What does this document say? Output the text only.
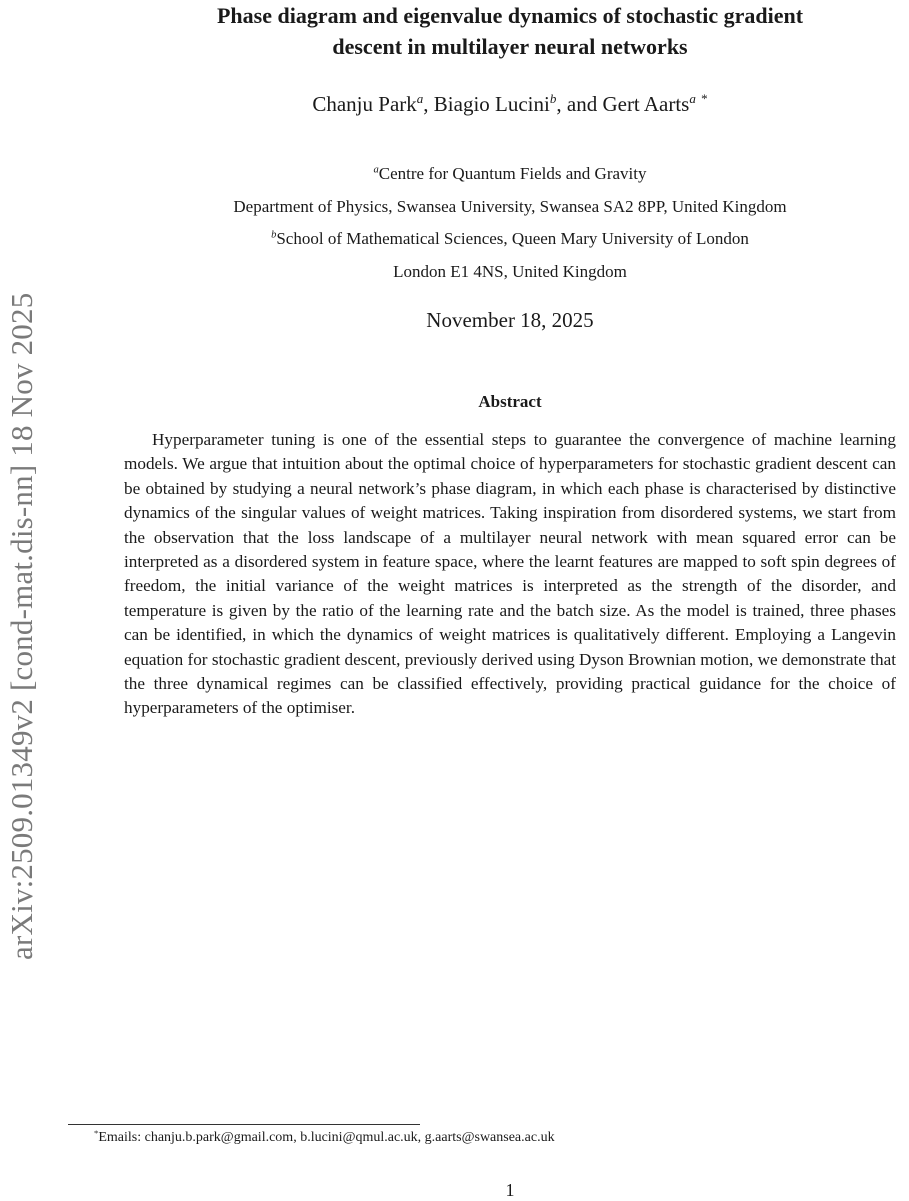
arXiv:2509.01349v2 [cond-mat.dis-nn] 18 Nov 2025
Phase diagram and eigenvalue dynamics of stochastic gradient
descent in multilayer neural networks
Chanju Park$^a$, Biagio Lucini$^b$, and Gert Aarts$^a$ *
$^a$Centre for Quantum Fields and Gravity
Department of Physics, Swansea University, Swansea SA2 8PP, United Kingdom
$^b$School of Mathematical Sciences, Queen Mary University of London
London E1 4NS, United Kingdom
November 18, 2025
Abstract
Hyperparameter tuning is one of the essential steps to guarantee the convergence of machine learning models. We argue that intuition about the optimal choice of hyperparameters for stochastic gradient descent can be obtained by studying a neural network’s phase diagram, in which each phase is characterised by distinctive dynamics of the singular values of weight matrices. Taking inspiration from disordered systems, we start from the observation that the loss landscape of a multilayer neural network with mean squared error can be interpreted as a disordered system in feature space, where the learnt features are mapped to soft spin degrees of freedom, the initial variance of the weight matrices is interpreted as the strength of the disorder, and temperature is given by the ratio of the learning rate and the batch size. As the model is trained, three phases can be identified, in which the dynamics of weight matrices is qualitatively different. Employing a Langevin equation for stochastic gradient descent, previously derived using Dyson Brownian motion, we demonstrate that the three dynamical regimes can be classified effectively, providing practical guidance for the choice of hyperparameters of the optimiser.
*Emails: chanju.b.park@gmail.com, b.lucini@qmul.ac.uk, g.aarts@swansea.ac.uk
1
